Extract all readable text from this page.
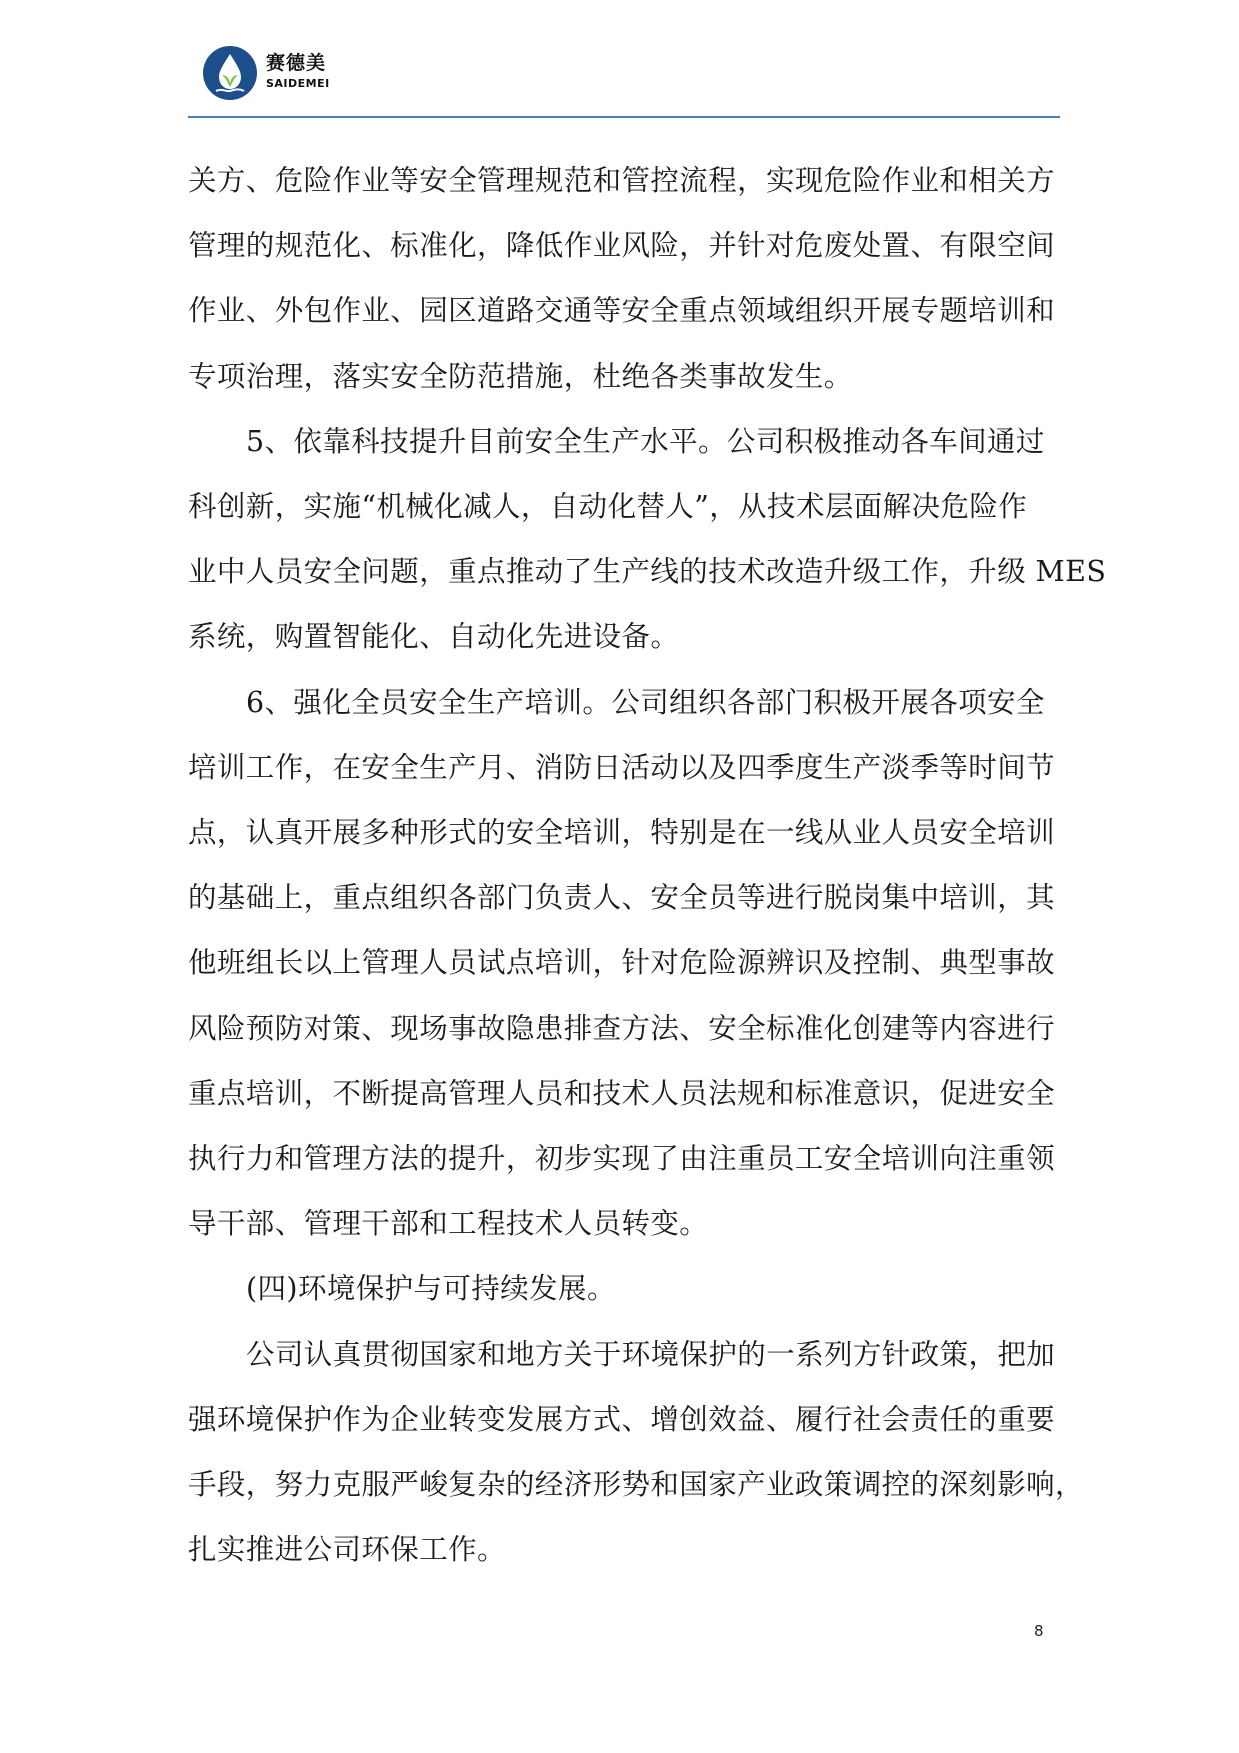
赛德美
SAIDEMEI

关方、危险作业等安全管理规范和管控流程，实现危险作业和相关方
管理的规范化、标准化，降低作业风险，并针对危废处置、有限空间
作业、外包作业、园区道路交通等安全重点领域组织开展专题培训和
专项治理，落实安全防范措施，杜绝各类事故发生。

5、依靠科技提升目前安全生产水平。公司积极推动各车间通过
科创新，实施“机械化减人，自动化替人”，从技术层面解决危险作
业中人员安全问题，重点推动了生产线的技术改造升级工作，升级 MES
系统，购置智能化、自动化先进设备。

6、强化全员安全生产培训。公司组织各部门积极开展各项安全
培训工作，在安全生产月、消防日活动以及四季度生产淡季等时间节
点，认真开展多种形式的安全培训，特别是在一线从业人员安全培训
的基础上，重点组织各部门负责人、安全员等进行脱岗集中培训，其
他班组长以上管理人员试点培训，针对危险源辨识及控制、典型事故
风险预防对策、现场事故隐患排查方法、安全标准化创建等内容进行
重点培训，不断提高管理人员和技术人员法规和标准意识，促进安全
执行力和管理方法的提升，初步实现了由注重员工安全培训向注重领
导干部、管理干部和工程技术人员转变。

(四)环境保护与可持续发展。

公司认真贯彻国家和地方关于环境保护的一系列方针政策，把加
强环境保护作为企业转变发展方式、增创效益、履行社会责任的重要
手段，努力克服严峻复杂的经济形势和国家产业政策调控的深刻影响，
扎实推进公司环保工作。

8
